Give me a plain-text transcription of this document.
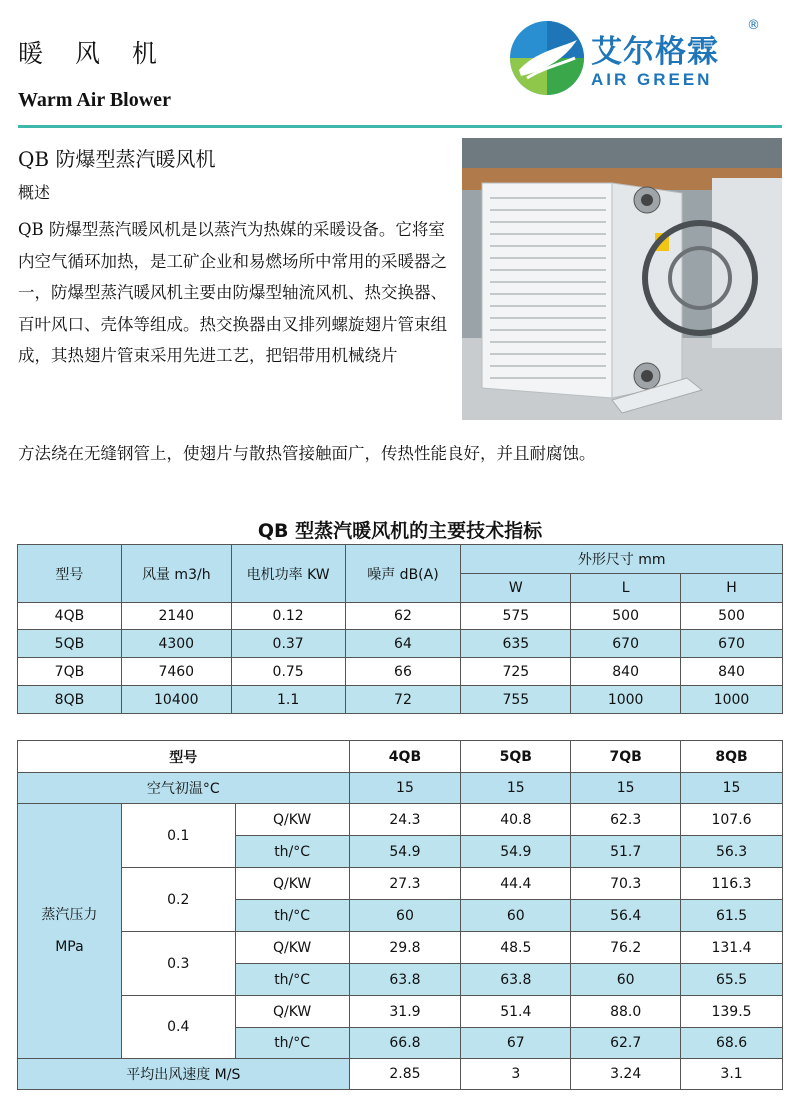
暖 风 机
Warm Air Blower
艾尔格霖
AIR GREEN
®
QB 防爆型蒸汽暖风机
概述

QB 防爆型蒸汽暖风机是以蒸汽为热媒的采暖设备。它将室内空气循环加热，是工矿企业和易燃场所中常用的采暖器之一，防爆型蒸汽暖风机主要由防爆型轴流风机、热交换器、百叶风口、壳体等组成。热交换器由叉排列螺旋翅片管束组成，其热翅片管束采用先进工艺，把铝带用机械绕片

方法绕在无缝钢管上，使翅片与散热管接触面广，传热性能良好，并且耐腐蚀。
QB 型蒸汽暖风机的主要技术指标
型号	风量 m3/h	电机功率 KW	噪声 dB(A)	外形尺寸 mm		
				W	L	H
4QB	2140	0.12	62	575	500	500
5QB	4300	0.37	64	635	670	670
7QB	7460	0.75	66	725	840	840
8QB	10400	1.1	72	755	1000	1000
型号			4QB	5QB	7QB	8QB
空气初温°C			15	15	15	15
蒸汽压力
MPa	0.1	Q/KW	24.3	40.8	62.3	107.6
		th/°C	54.9	54.9	51.7	56.3
	0.2	Q/KW	27.3	44.4	70.3	116.3
		th/°C	60	60	56.4	61.5
	0.3	Q/KW	29.8	48.5	76.2	131.4
		th/°C	63.8	63.8	60	65.5
	0.4	Q/KW	31.9	51.4	88.0	139.5
		th/°C	66.8	67	62.7	68.6
平均出风速度 M/S			2.85	3	3.24	3.1
